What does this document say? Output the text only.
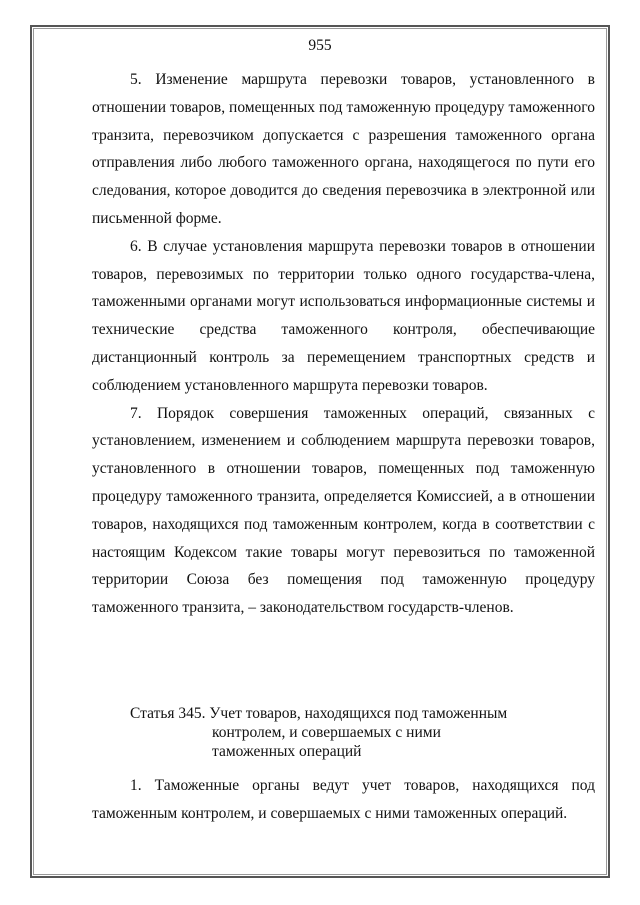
955

5. Изменение маршрута перевозки товаров, установленного в отношении товаров, помещенных под таможенную процедуру таможенного транзита, перевозчиком допускается с разрешения таможенного органа отправления либо любого таможенного органа, находящегося по пути его следования, которое доводится до сведения перевозчика в электронной или письменной форме.

6. В случае установления маршрута перевозки товаров в отношении товаров, перевозимых по территории только одного государства-члена, таможенными органами могут использоваться информационные системы и технические средства таможенного контроля, обеспечивающие дистанционный контроль за перемещением транспортных средств и соблюдением установленного маршрута перевозки товаров.

7. Порядок совершения таможенных операций, связанных с установлением, изменением и соблюдением маршрута перевозки товаров, установленного в отношении товаров, помещенных под таможенную процедуру таможенного транзита, определяется Комиссией, а в отношении товаров, находящихся под таможенным контролем, когда в соответствии с настоящим Кодексом такие товары могут перевозиться по таможенной территории Союза без помещения под таможенную процедуру таможенного транзита, – законодательством государств-членов.

Статья 345. Учет товаров, находящихся под таможенным
контролем, и совершаемых с ними
таможенных операций

1. Таможенные органы ведут учет товаров, находящихся под таможенным контролем, и совершаемых с ними таможенных операций.
